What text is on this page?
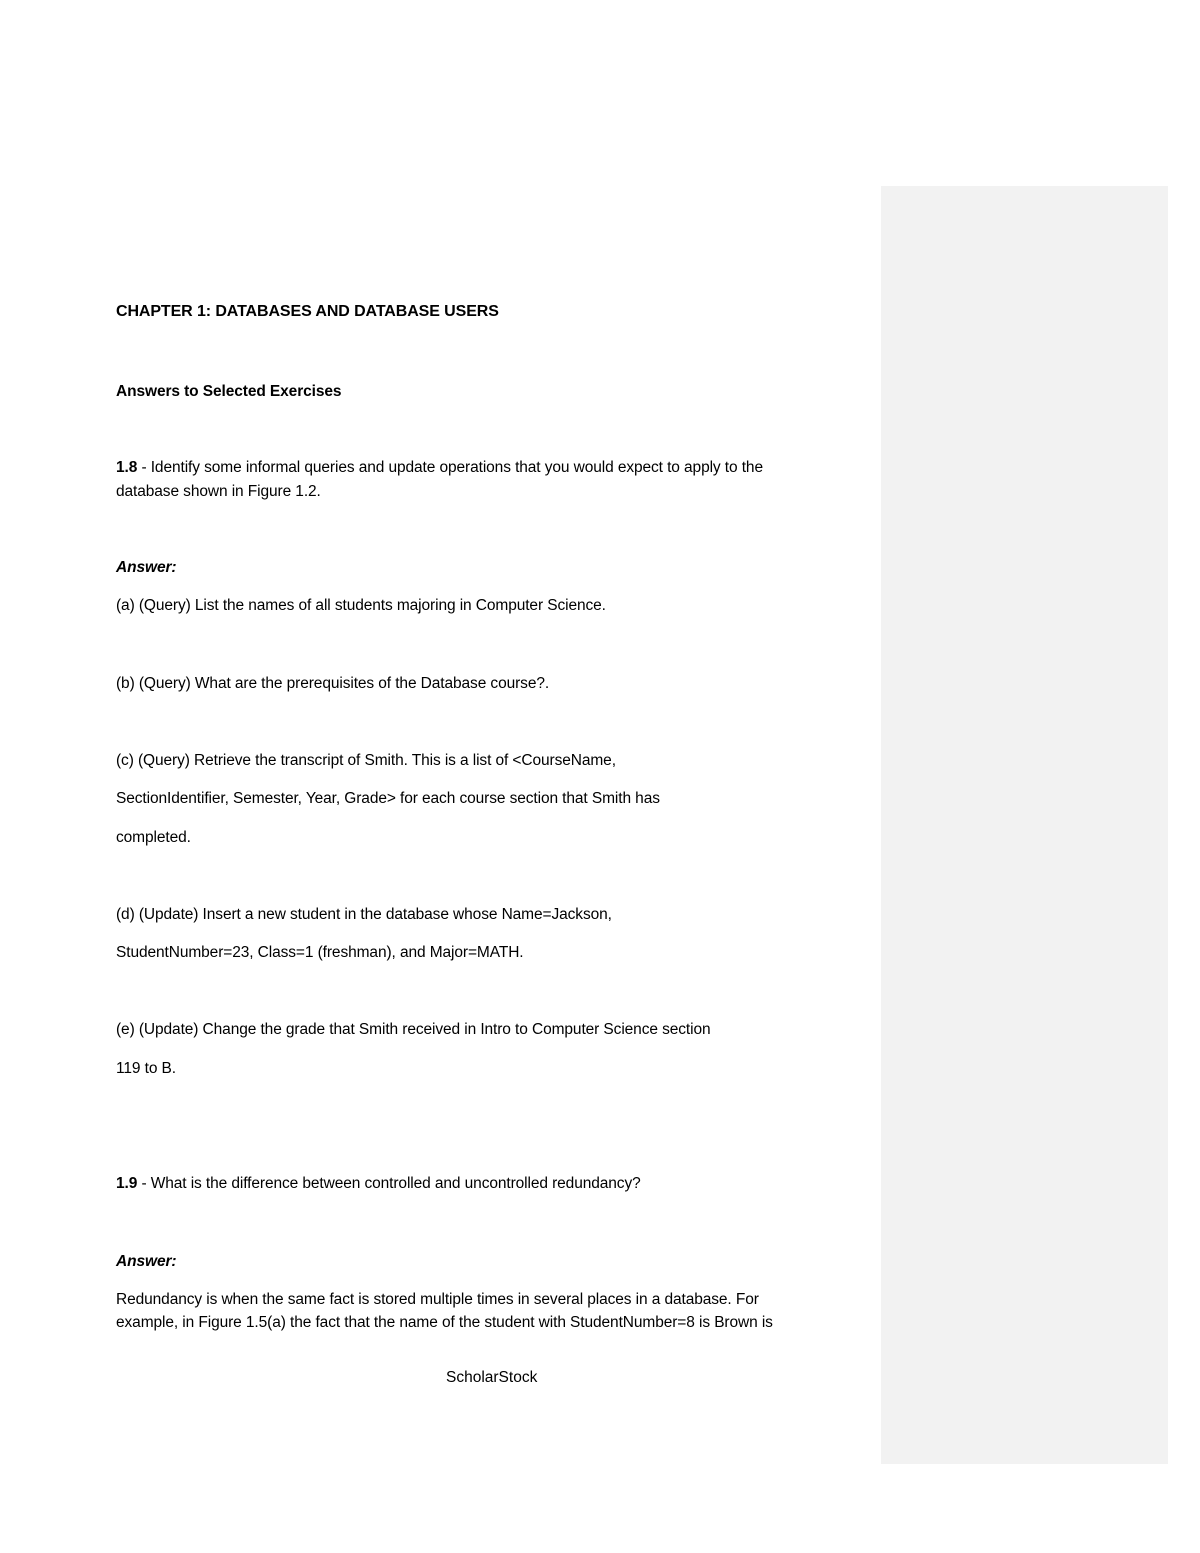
CHAPTER 1: DATABASES AND DATABASE USERS
Answers to Selected Exercises
1.8 - Identify some informal queries and update operations that you would expect to apply to the
database shown in Figure 1.2.
Answer:
(a) (Query) List the names of all students majoring in Computer Science.
(b) (Query) What are the prerequisites of the Database course?.
(c) (Query) Retrieve the transcript of Smith. This is a list of <CourseName,
SectionIdentifier, Semester, Year, Grade> for each course section that Smith has
completed.
(d) (Update) Insert a new student in the database whose Name=Jackson,
StudentNumber=23, Class=1 (freshman), and Major=MATH.
(e) (Update) Change the grade that Smith received in Intro to Computer Science section
119 to B.
1.9 - What is the difference between controlled and uncontrolled redundancy?
Answer:
Redundancy is when the same fact is stored multiple times in several places in a database. For
example, in Figure 1.5(a) the fact that the name of the student with StudentNumber=8 is Brown is
ScholarStock
